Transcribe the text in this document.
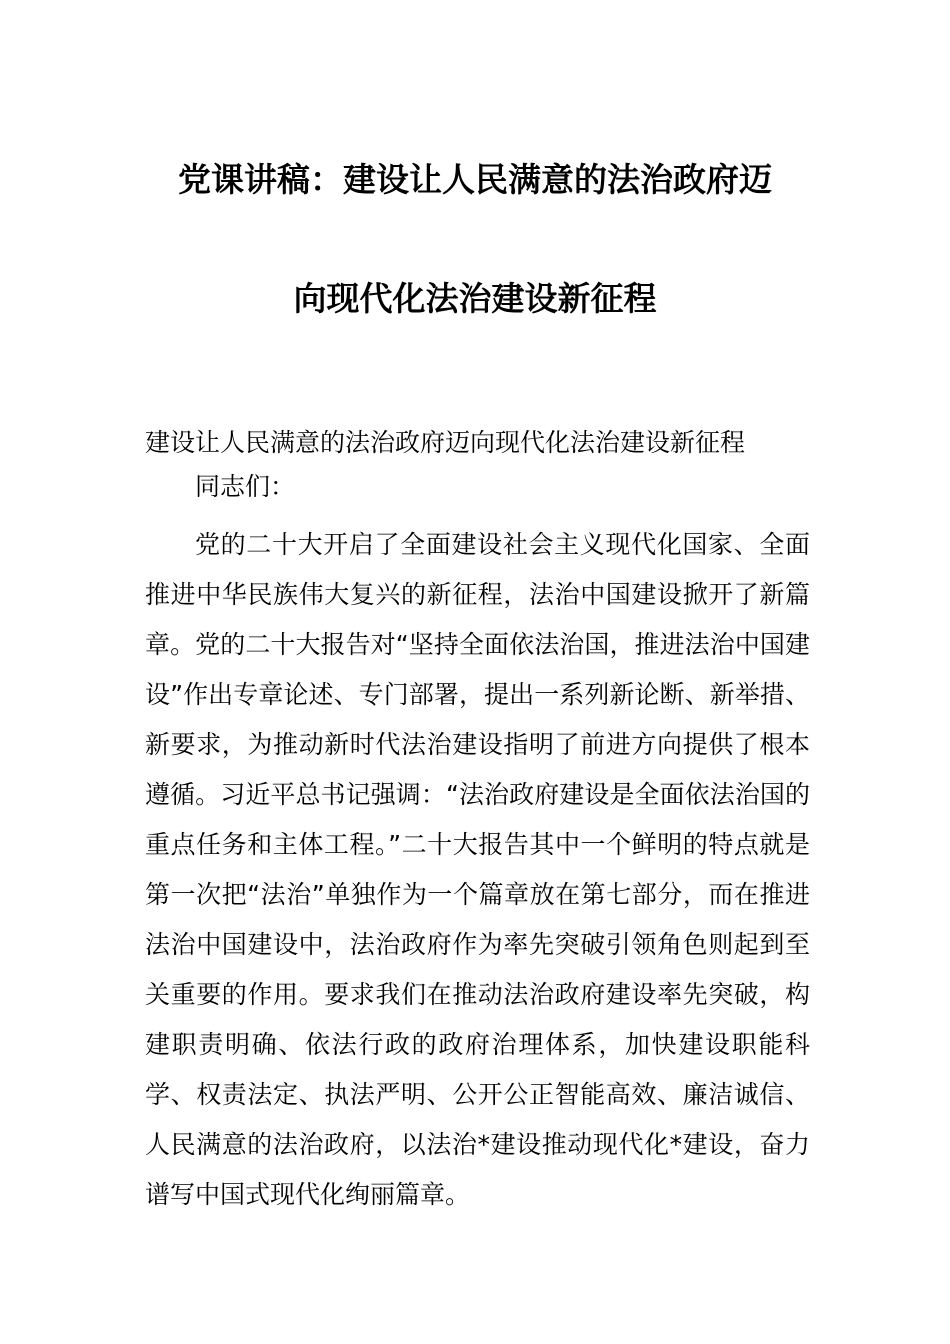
党课讲稿：建设让人民满意的法治政府迈
向现代化法治建设新征程

建设让人民满意的法治政府迈向现代化法治建设新征程

同志们：

党的二十大开启了全面建设社会主义现代化国家、全面推进中华民族伟大复兴的新征程，法治中国建设掀开了新篇章。党的二十大报告对“坚持全面依法治国，推进法治中国建设”作出专章论述、专门部署，提出一系列新论断、新举措、新要求，为推动新时代法治建设指明了前进方向提供了根本遵循。习近平总书记强调：“法治政府建设是全面依法治国的重点任务和主体工程。”二十大报告其中一个鲜明的特点就是第一次把“法治”单独作为一个篇章放在第七部分，而在推进法治中国建设中，法治政府作为率先突破引领角色则起到至关重要的作用。要求我们在推动法治政府建设率先突破，构建职责明确、依法行政的政府治理体系，加快建设职能科学、权责法定、执法严明、公开公正智能高效、廉洁诚信、人民满意的法治政府，以法治*建设推动现代化*建设，奋力谱写中国式现代化绚丽篇章。
